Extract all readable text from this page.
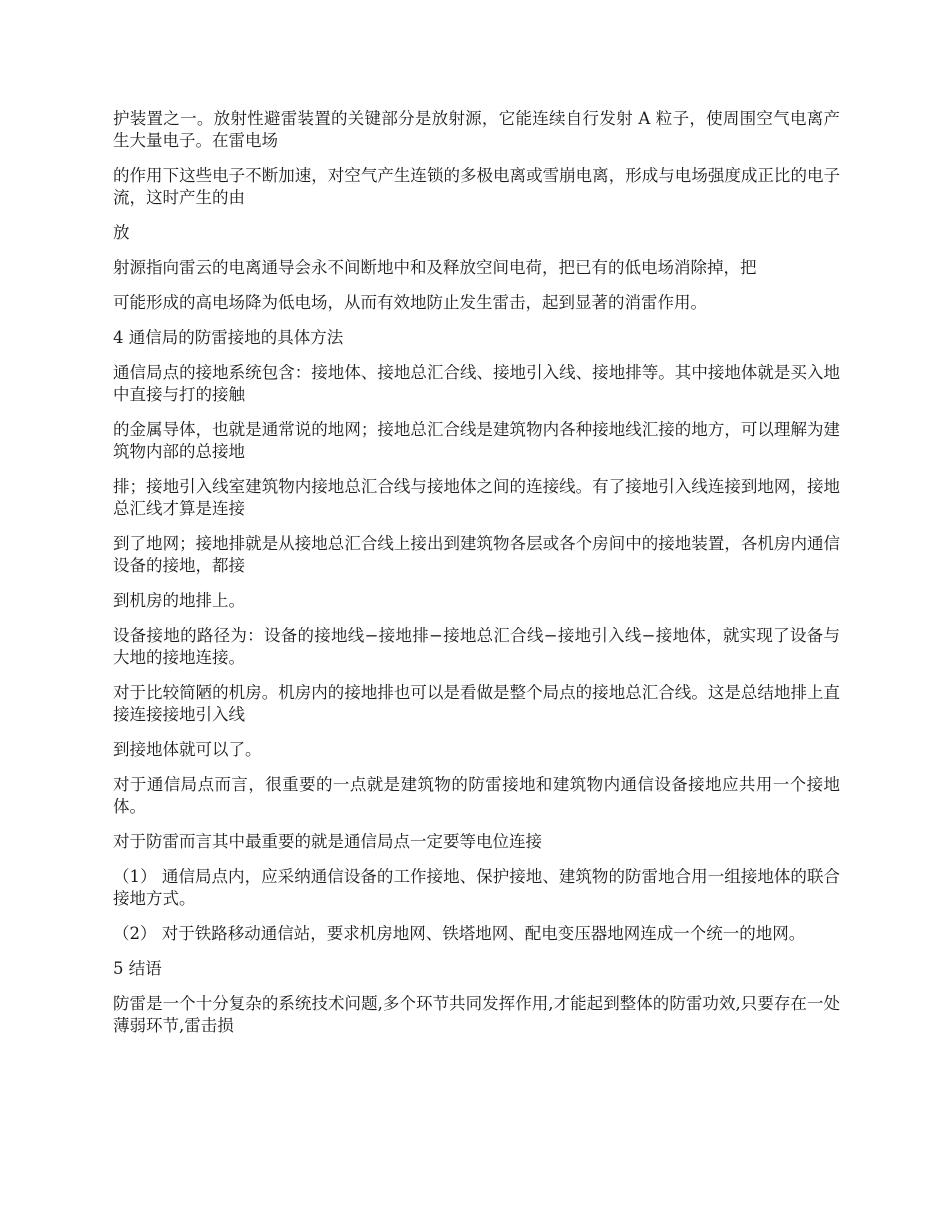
护装置之一。放射性避雷装置的关键部分是放射源，它能连续自行发射 A 粒子，使周围空气电离产生大量电子。在雷电场

的作用下这些电子不断加速，对空气产生连锁的多极电离或雪崩电离，形成与电场强度成正比的电子流，这时产生的由

放

射源指向雷云的电离通导会永不间断地中和及释放空间电荷，把已有的低电场消除掉，把

可能形成的高电场降为低电场，从而有效地防止发生雷击，起到显著的消雷作用。

4 通信局的防雷接地的具体方法

通信局点的接地系统包含：接地体、接地总汇合线、接地引入线、接地排等。其中接地体就是买入地中直接与打的接触

的金属导体，也就是通常说的地网；接地总汇合线是建筑物内各种接地线汇接的地方，可以理解为建筑物内部的总接地

排；接地引入线室建筑物内接地总汇合线与接地体之间的连接线。有了接地引入线连接到地网，接地总汇线才算是连接

到了地网；接地排就是从接地总汇合线上接出到建筑物各层或各个房间中的接地装置，各机房内通信设备的接地，都接

到机房的地排上。

设备接地的路径为：设备的接地线−接地排−接地总汇合线−接地引入线−接地体，就实现了设备与大地的接地连接。

对于比较简陋的机房。机房内的接地排也可以是看做是整个局点的接地总汇合线。这是总结地排上直接连接接地引入线

到接地体就可以了。

对于通信局点而言，很重要的一点就是建筑物的防雷接地和建筑物内通信设备接地应共用一个接地体。

对于防雷而言其中最重要的就是通信局点一定要等电位连接

（1） 通信局点内，应采纳通信设备的工作接地、保护接地、建筑物的防雷地合用一组接地体的联合接地方式。

（2） 对于铁路移动通信站，要求机房地网、铁塔地网、配电变压器地网连成一个统一的地网。

5 结语

防雷是一个十分复杂的系统技术问题,多个环节共同发挥作用,才能起到整体的防雷功效,只要存在一处薄弱环节,雷击损
